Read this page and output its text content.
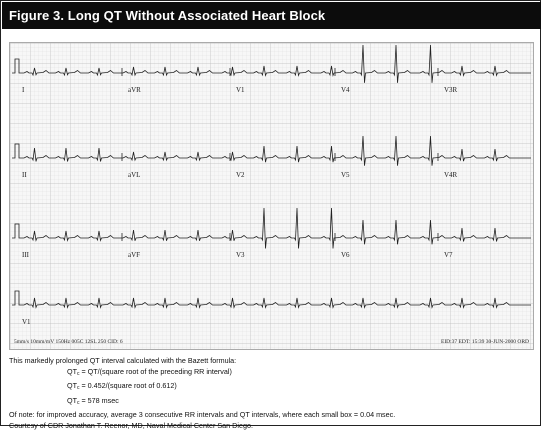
Figure 3. Long QT Without Associated Heart Block
I	aVR	V1	V4	V3R
II	aVL	V2	V5	V4R
III	aVF	V3	V6	V7
V1
5mm/s 10mm/mV 150Hz 005C 12SL 250 CID: 6	EID:37 EDT: 15:39 30-JUN-2000 ORD
This markedly prolonged QT interval calculated with the Bazett formula:
$QT_c$ = QT/(square root of the preceding RR interval)
$QT_c$ = 0.452/(square root of 0.612)
$QT_c = 578$ msec
Of note: for improved accuracy, average 3 consecutive RR intervals and QT intervals, where each small box = 0.04 msec.
Courtesy of CDR Jonathan T. Reenor, MD, Naval Medical Center San Diego.
